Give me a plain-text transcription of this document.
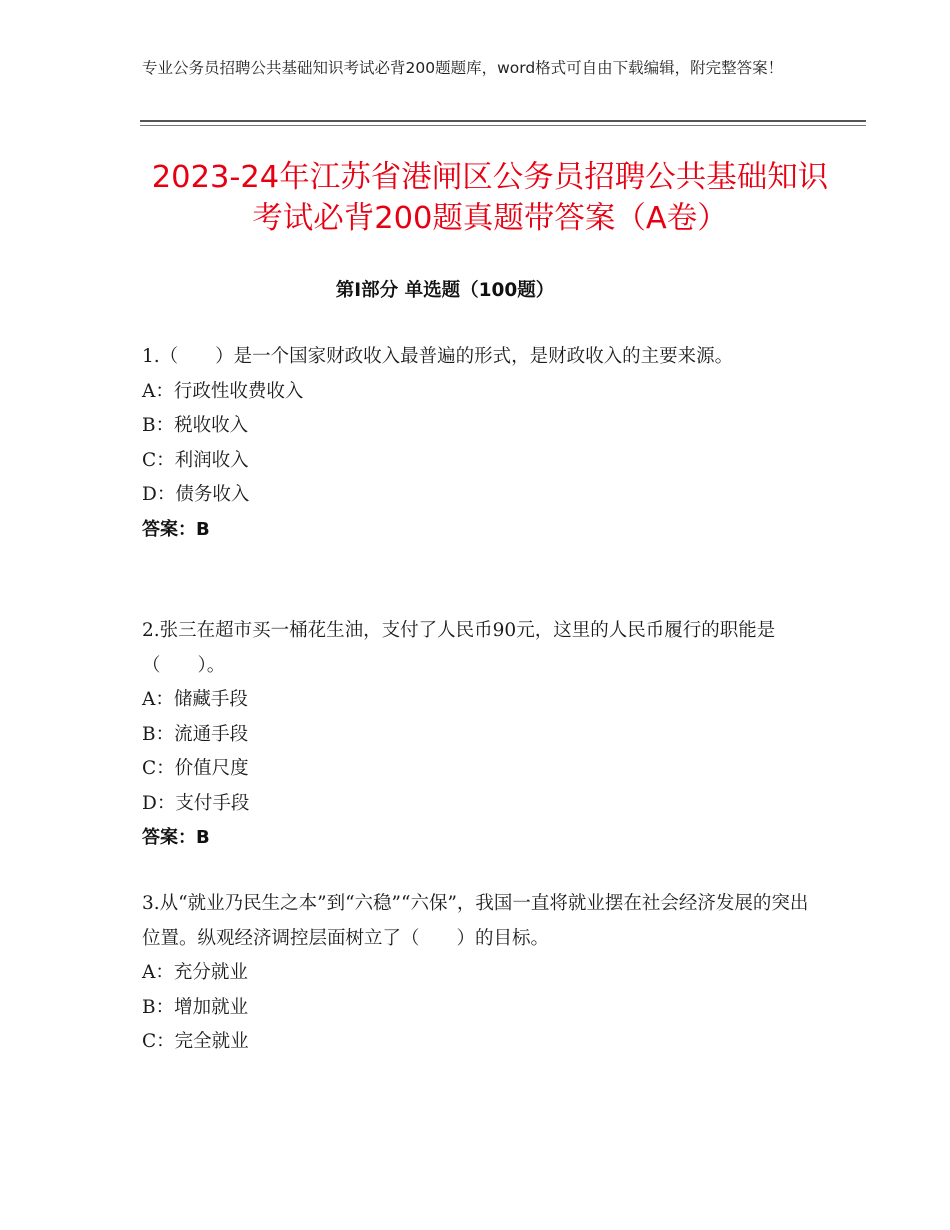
专业公务员招聘公共基础知识考试必背200题题库，word格式可自由下载编辑，附完整答案！
2023-24年江苏省港闸区公务员招聘公共基础知识考试必背200题真题带答案（A卷）
第Ⅰ部分 单选题（100题）
1.（　　）是一个国家财政收入最普遍的形式，是财政收入的主要来源。
A：行政性收费收入
B：税收收入
C：利润收入
D：债务收入
答案：B
2.张三在超市买一桶花生油，支付了人民币90元，这里的人民币履行的职能是（　　）。
A：储藏手段
B：流通手段
C：价值尺度
D：支付手段
答案：B
3.从“就业乃民生之本”到“六稳”“六保”，我国一直将就业摆在社会经济发展的突出位置。纵观经济调控层面树立了（　　）的目标。
A：充分就业
B：增加就业
C：完全就业
